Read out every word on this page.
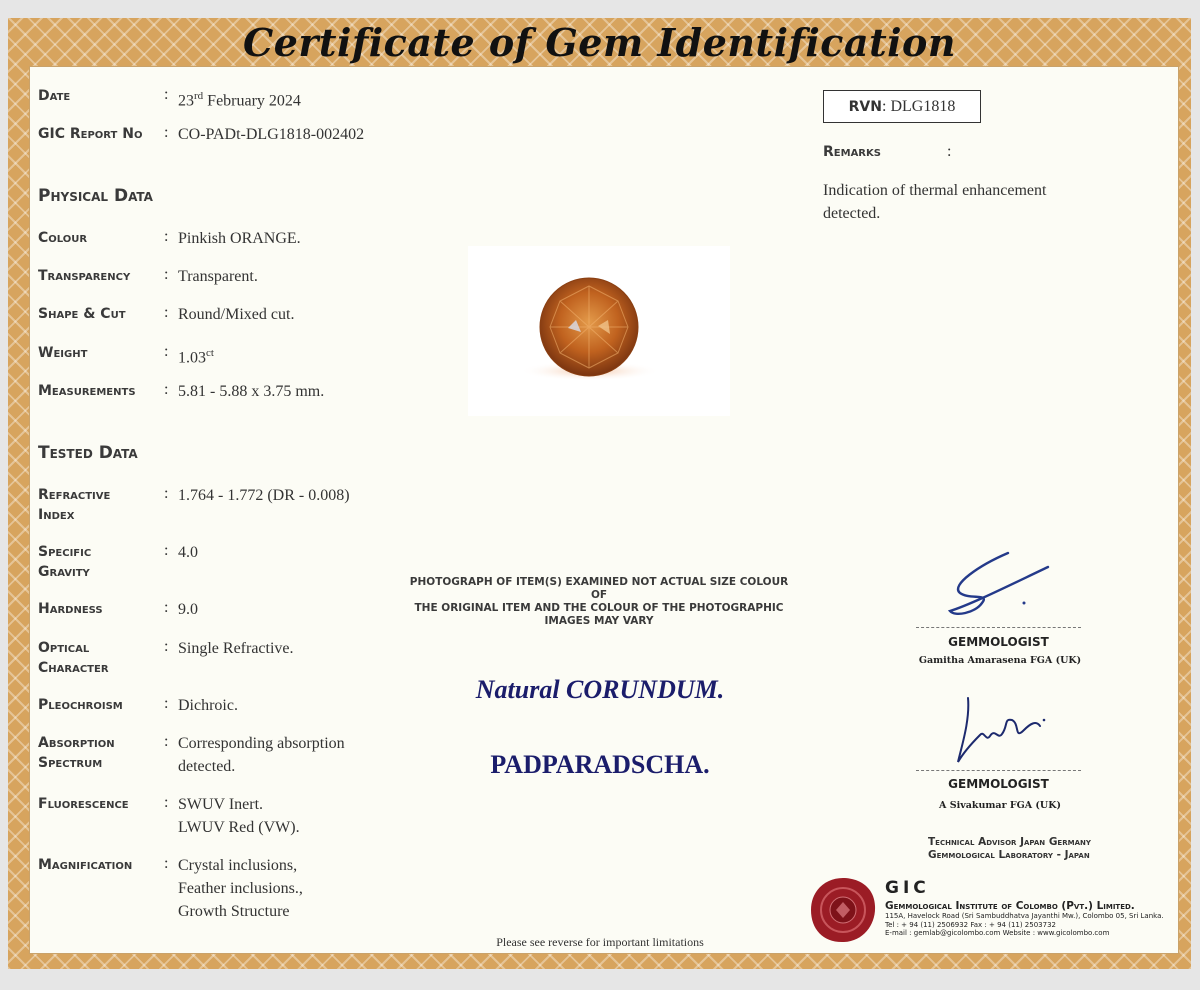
Certificate of Gem Identification
Date	: 23rd February 2024
GIC Report No : CO-PADt-DLG1818-002402
Physical Data
Colour	: Pinkish ORANGE.
Transparency : Transparent.
Shape & Cut : Round/Mixed cut.
Weight	: $1.03^{ct}$
Measurements : 5.81 - 5.88 x 3.75 mm.
Tested Data
Refractive
Index
: 1.764 - 1.772 (DR - 0.008)
Specific
Gravity
: 4.0
Hardness	: 9.0
Optical
Character
: Single Refractive.
Pleochroism	: Dichroic.
Absorption
Spectrum
: Corresponding absorption
detected.
Fluorescence : SWUV Inert.
LWUV Red (VW).
Magnification : Crystal inclusions,
Feather inclusions.,
Growth Structure
RVN: DLG1818
Remarks	:
Indication of thermal enhancement
detected.
PHOTOGRAPH OF ITEM(S) EXAMINED NOT ACTUAL SIZE COLOUR OF
THE ORIGINAL ITEM AND THE COLOUR OF THE PHOTOGRAPHIC
IMAGES MAY VARY
Natural CORUNDUM.
PADPARADSCHA.
Please see reverse for important limitations
GEMMOLOGIST
Gamitha Amarasena FGA (UK)
GEMMOLOGIST
A Sivakumar FGA (UK)
Technical Advisor Japan Germany
Gemmological Laboratory - Japan
GIC
Gemmological Institute of Colombo (Pvt.) Limited.
115A, Havelock Road (Sri Sambuddhatva Jayanthi Mw.), Colombo 05, Sri Lanka.
Tel : + 94 (11) 2506932 Fax : + 94 (11) 2503732
E-mail : gemlab@gicolombo.com Website : www.gicolombo.com
